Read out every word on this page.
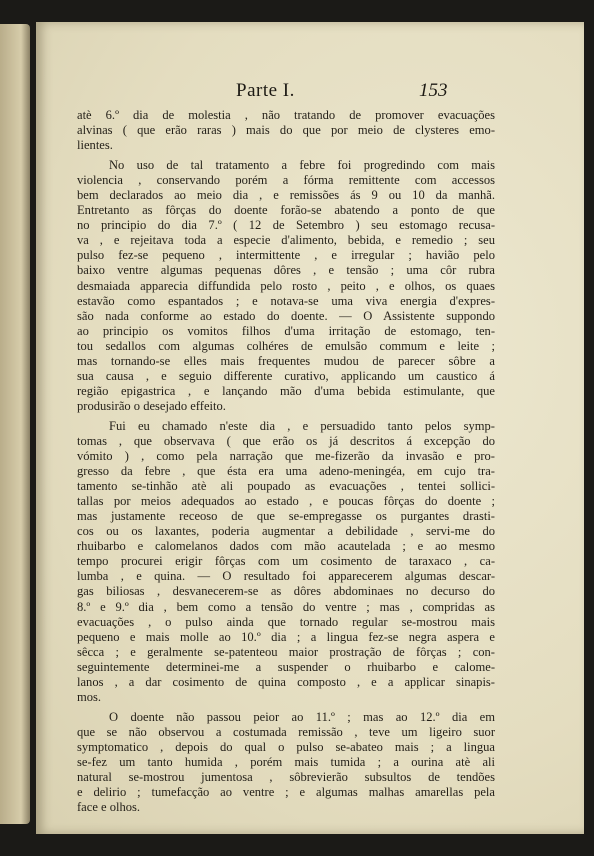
Parte I.	153
atè 6.º dia de molestia , não tratando de promover evacuações
alvinas ( que erão raras ) mais do que por meio de clysteres emo-
lientes.
No uso de tal tratamento a febre foi progredindo com mais
violencia , conservando porém a fórma remittente com accessos
bem declarados ao meio dia , e remissões ás 9 ou 10 da manhã.
Entretanto as fôrças do doente forão-se abatendo a ponto de que
no principio do dia 7.º ( 12 de Setembro ) seu estomago recusa-
va , e rejeitava toda a especie d'alimento, bebida, e remedio ; seu
pulso fez-se pequeno , intermittente , e irregular ; havião pelo
baixo ventre algumas pequenas dôres , e tensão ; uma côr rubra
desmaiada apparecia diffundida pelo rosto , peito , e olhos, os quaes
estavão como espantados ; e notava-se uma viva energia d'expres-
são nada conforme ao estado do doente. — O Assistente suppondo
ao principio os vomitos filhos d'uma irritação de estomago, ten-
tou sedallos com algumas colhéres de emulsão commum e leite ;
mas tornando-se elles mais frequentes mudou de parecer sôbre a
sua causa , e seguio differente curativo, applicando um caustico á
região epigastrica , e lançando mão d'uma bebida estimulante, que
produsirão o desejado effeito.
Fui eu chamado n'este dia , e persuadido tanto pelos symp-
tomas , que observava ( que erão os já descritos á excepção do
vómito ) , como pela narração que me-fizerão da invasão e pro-
gresso da febre , que ésta era uma adeno-meningéa, em cujo tra-
tamento se-tinhão atè ali poupado as evacuações , tentei sollici-
tallas por meios adequados ao estado , e poucas fôrças do doente ;
mas justamente receoso de que se-empregasse os purgantes drasti-
cos ou os laxantes, poderia augmentar a debilidade , servi-me do
rhuibarbo e calomelanos dados com mão acautelada ; e ao mesmo
tempo procurei erigir fôrças com um cosimento de taraxaco , ca-
lumba , e quina. — O resultado foi apparecerem algumas descar-
gas biliosas , desvanecerem-se as dôres abdominaes no decurso do
8.º e 9.º dia , bem como a tensão do ventre ; mas , compridas as
evacuações , o pulso ainda que tornado regular se-mostrou mais
pequeno e mais molle ao 10.º dia ; a lingua fez-se negra aspera e
sêcca ; e geralmente se-patenteou maior prostração de fôrças ; con-
seguintemente determinei-me a suspender o rhuibarbo e calome-
lanos , a dar cosimento de quina composto , e a applicar sinapis-
mos.
O doente não passou peior ao 11.º ; mas ao 12.º dia em
que se não observou a costumada remissão , teve um ligeiro suor
symptomatico , depois do qual o pulso se-abateo mais ; a lingua
se-fez um tanto humida , porém mais tumida ; a ourina atè ali
natural se-mostrou jumentosa , sôbrevierão subsultos de tendões
e delirio ; tumefacção ao ventre ; e algumas malhas amarellas pela
face e olhos.
